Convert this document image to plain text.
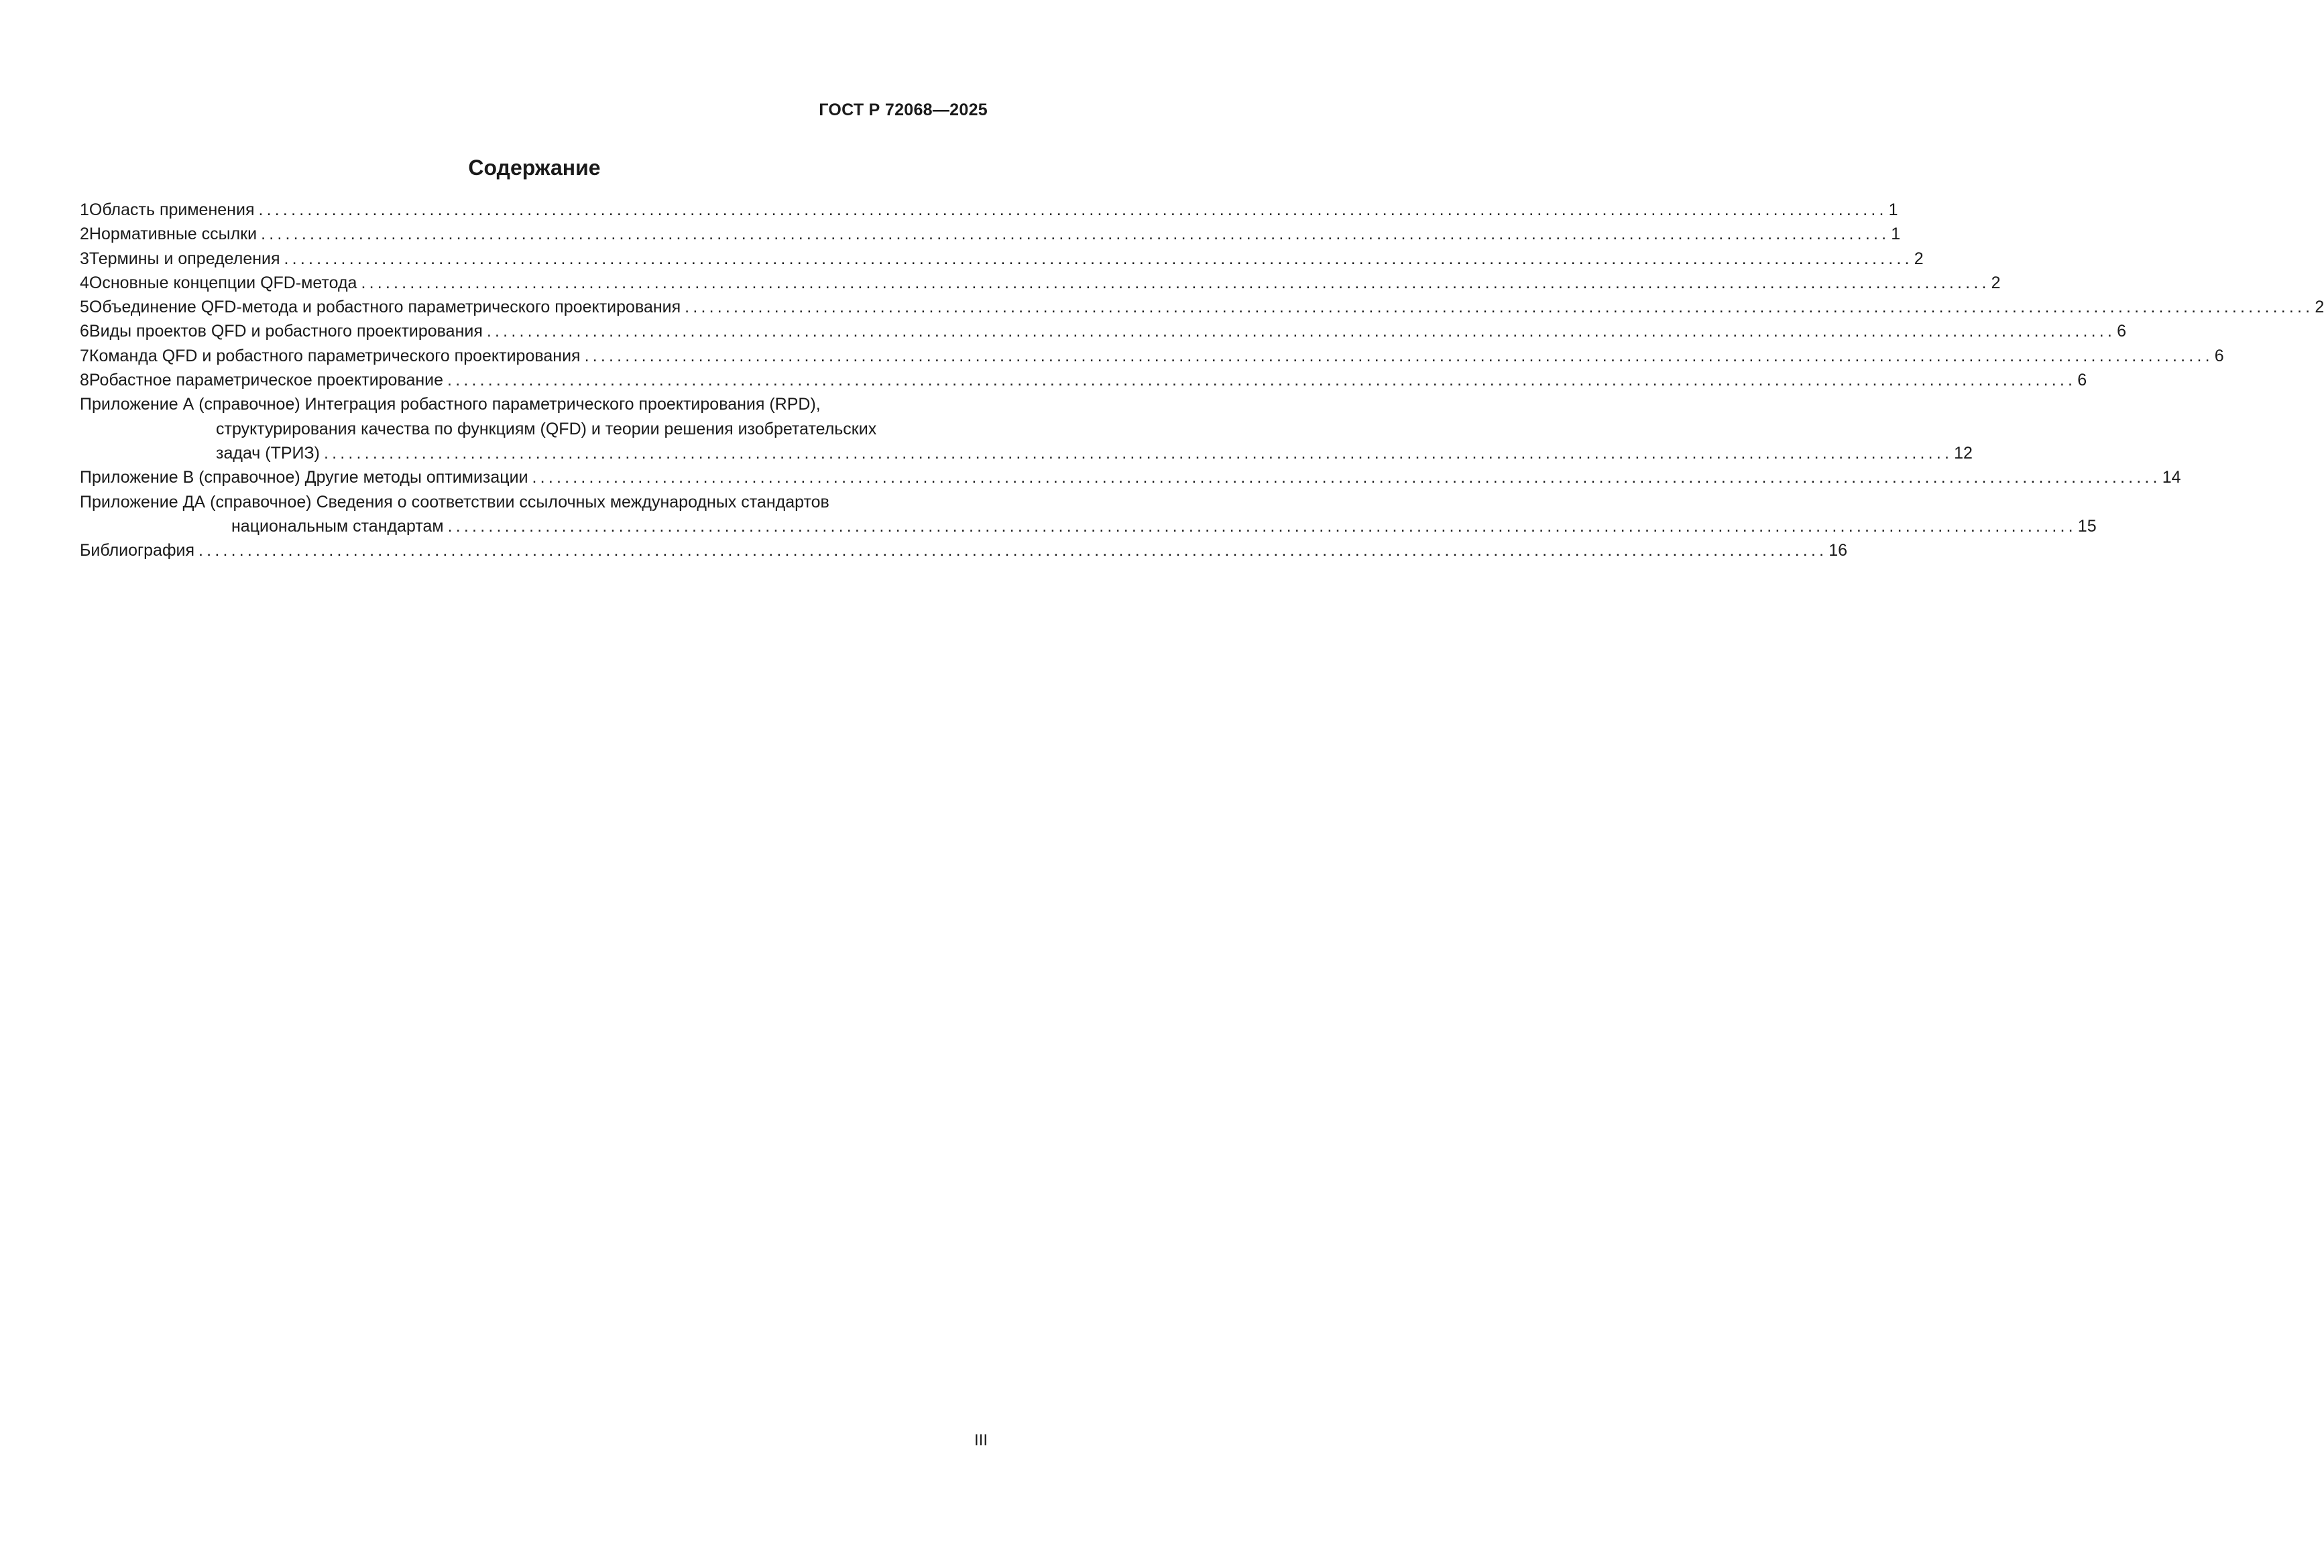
ГОСТ Р 72068—2025
Содержание
1 Область применения ........................................................................................................................................................................................................ 1
2 Нормативные ссылки ........................................................................................................................................................................................................ 1
3 Термины и определения ........................................................................................................................................................................................................ 2
4 Основные концепции QFD-метода ........................................................................................................................................................................................................ 2
5 Объединение QFD-метода и робастного параметрического проектирования ........................................................................................................................................................................................................ 2
6 Виды проектов QFD и робастного проектирования ........................................................................................................................................................................................................ 6
7 Команда QFD и робастного параметрического проектирования ........................................................................................................................................................................................................ 6
8 Робастное параметрическое проектирование ........................................................................................................................................................................................................ 6
Приложение А (справочное) Интеграция робастного параметрического проектирования (RPD),
структурирования качества по функциям (QFD) и теории решения изобретательских
задач (ТРИЗ) ........................................................................................................................................................................................................ 12
Приложение В (справочное) Другие методы оптимизации ........................................................................................................................................................................................................ 14
Приложение ДА (справочное) Сведения о соответствии ссылочных международных стандартов
национальным стандартам ........................................................................................................................................................................................................ 15
Библиография ........................................................................................................................................................................................................ 16
III
